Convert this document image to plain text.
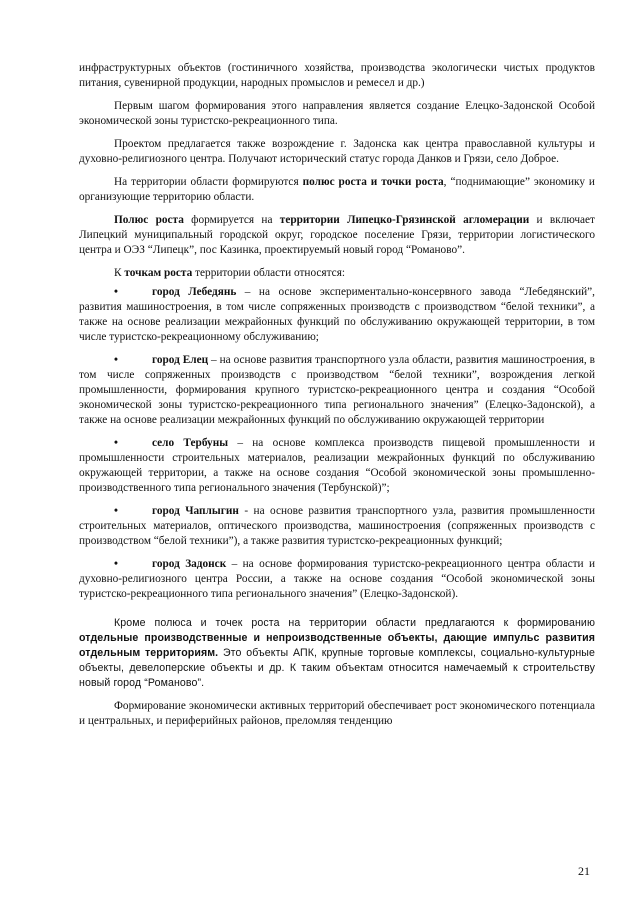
инфраструктурных объектов (гостиничного хозяйства, производства экологически чистых продуктов питания, сувенирной продукции, народных промыслов и ремесел и др.)

Первым шагом формирования этого направления является создание Елецко-Задонской Особой экономической зоны туристско-рекреационного типа.

Проектом предлагается также возрождение г. Задонска как центра православной культуры и духовно-религиозного центра. Получают исторический статус города Данков и Грязи, село Доброе.

На территории области формируются полюс роста и точки роста, “поднимающие” экономику и организующие территорию области.

Полюс роста формируется на территории Липецко-Грязинской агломерации и включает Липецкий муниципальный городской округ, городское поселение Грязи, территории логистического центра и ОЭЗ “Липецк”, пос Казинка, проектируемый новый город “Романово”.

К точкам роста территории области относятся:

•	город Лебедянь – на основе экспериментально-консервного завода “Лебедянский”, развития машиностроения, в том числе сопряженных производств с производством “белой техники”, а также на основе реализации межрайонных функций по обслуживанию окружающей территории, в том числе туристско-рекреационному обслуживанию;

•	город Елец – на основе развития транспортного узла области, развития машиностроения, в том числе сопряженных производств с производством “белой техники”, возрождения легкой промышленности, формирования крупного туристско-рекреационного центра и создания “Особой экономической зоны туристско-рекреационного типа регионального значения” (Елецко-Задонской), а также на основе реализации межрайонных функций по обслуживанию окружающей территории

•	село Тербуны – на основе комплекса производств пищевой промышленности и промышленности строительных материалов, реализации межрайонных функций по обслуживанию окружающей территории, а также на основе создания “Особой экономической зоны промышленно-производственного типа регионального значения (Тербунской)”;

•	город Чаплыгин - на основе развития транспортного узла, развития промышленности строительных материалов, оптического производства, машиностроения (сопряженных производств с производством “белой техники”), а также развития туристско-рекреационных функций;

•	город Задонск – на основе формирования туристско-рекреационного центра области и духовно-религиозного центра России, а также на основе создания “Особой экономической зоны туристско-рекреационного типа регионального значения” (Елецко-Задонской).

Кроме полюса и точек роста на территории области предлагаются к формированию отдельные производственные и непроизводственные объекты, дающие импульс развития отдельным территориям. Это объекты АПК, крупные торговые комплексы, социально-культурные объекты, девелоперские объекты и др. К таким объектам относится намечаемый к строительству новый город “Романово”.

Формирование экономически активных территорий обеспечивает рост экономического потенциала и центральных, и периферийных районов, преломляя тенденцию

21
